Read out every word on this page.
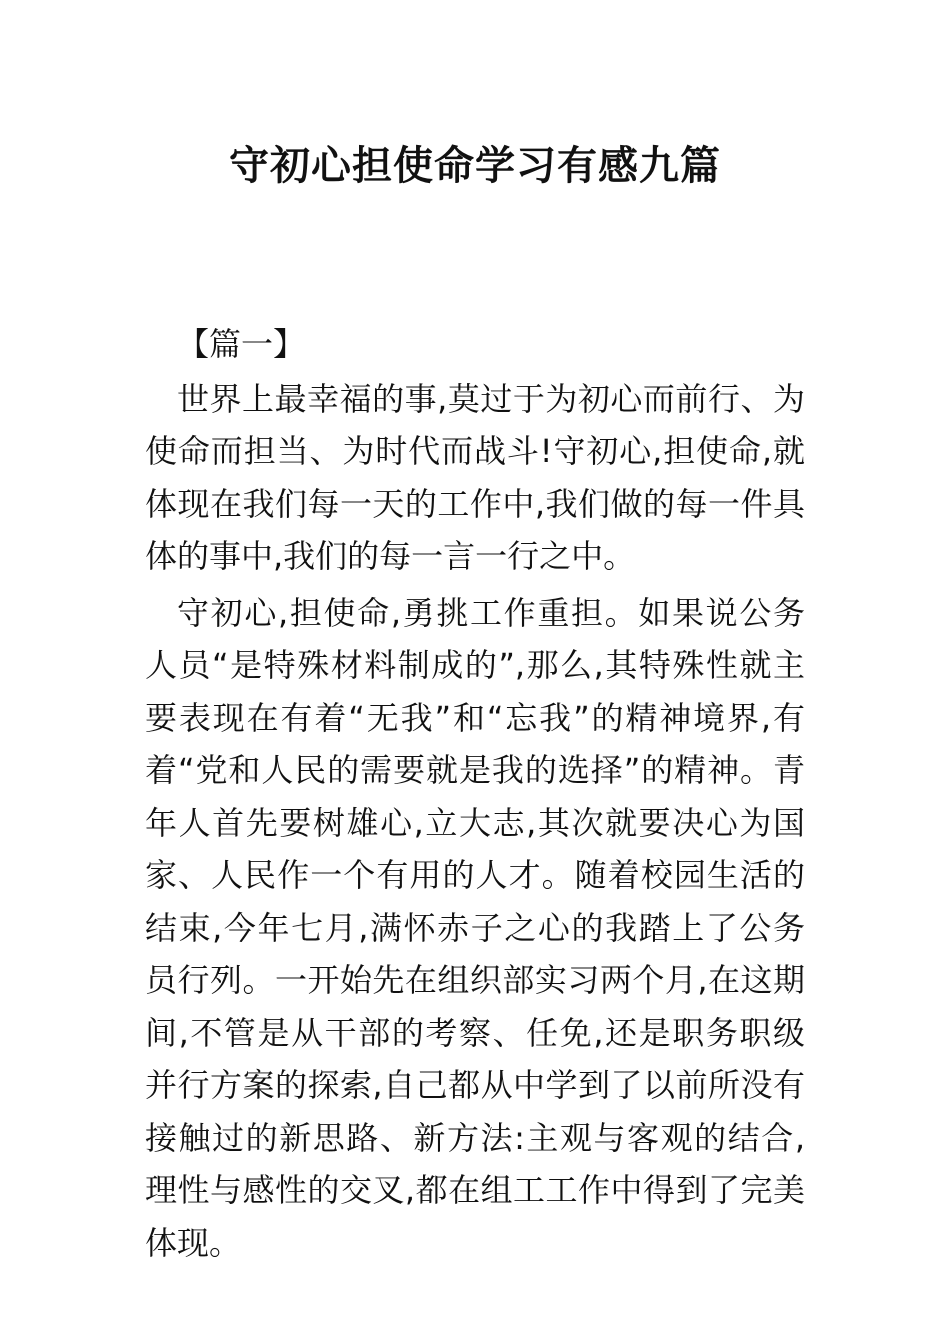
守初心担使命学习有感九篇

【篇一】

世界上最幸福的事,莫过于为初心而前行、为使命而担当、为时代而战斗!守初心,担使命,就体现在我们每一天的工作中,我们做的每一件具体的事中,我们的每一言一行之中。

守初心,担使命,勇挑工作重担。如果说公务人员“是特殊材料制成的”,那么,其特殊性就主要表现在有着“无我”和“忘我”的精神境界,有着“党和人民的需要就是我的选择”的精神。青年人首先要树雄心,立大志,其次就要决心为国家、人民作一个有用的人才。随着校园生活的结束,今年七月,满怀赤子之心的我踏上了公务员行列。一开始先在组织部实习两个月,在这期间,不管是从干部的考察、任免,还是职务职级并行方案的探索,自己都从中学到了以前所没有接触过的新思路、新方法:主观与客观的结合,理性与感性的交叉,都在组工工作中得到了完美体现。
